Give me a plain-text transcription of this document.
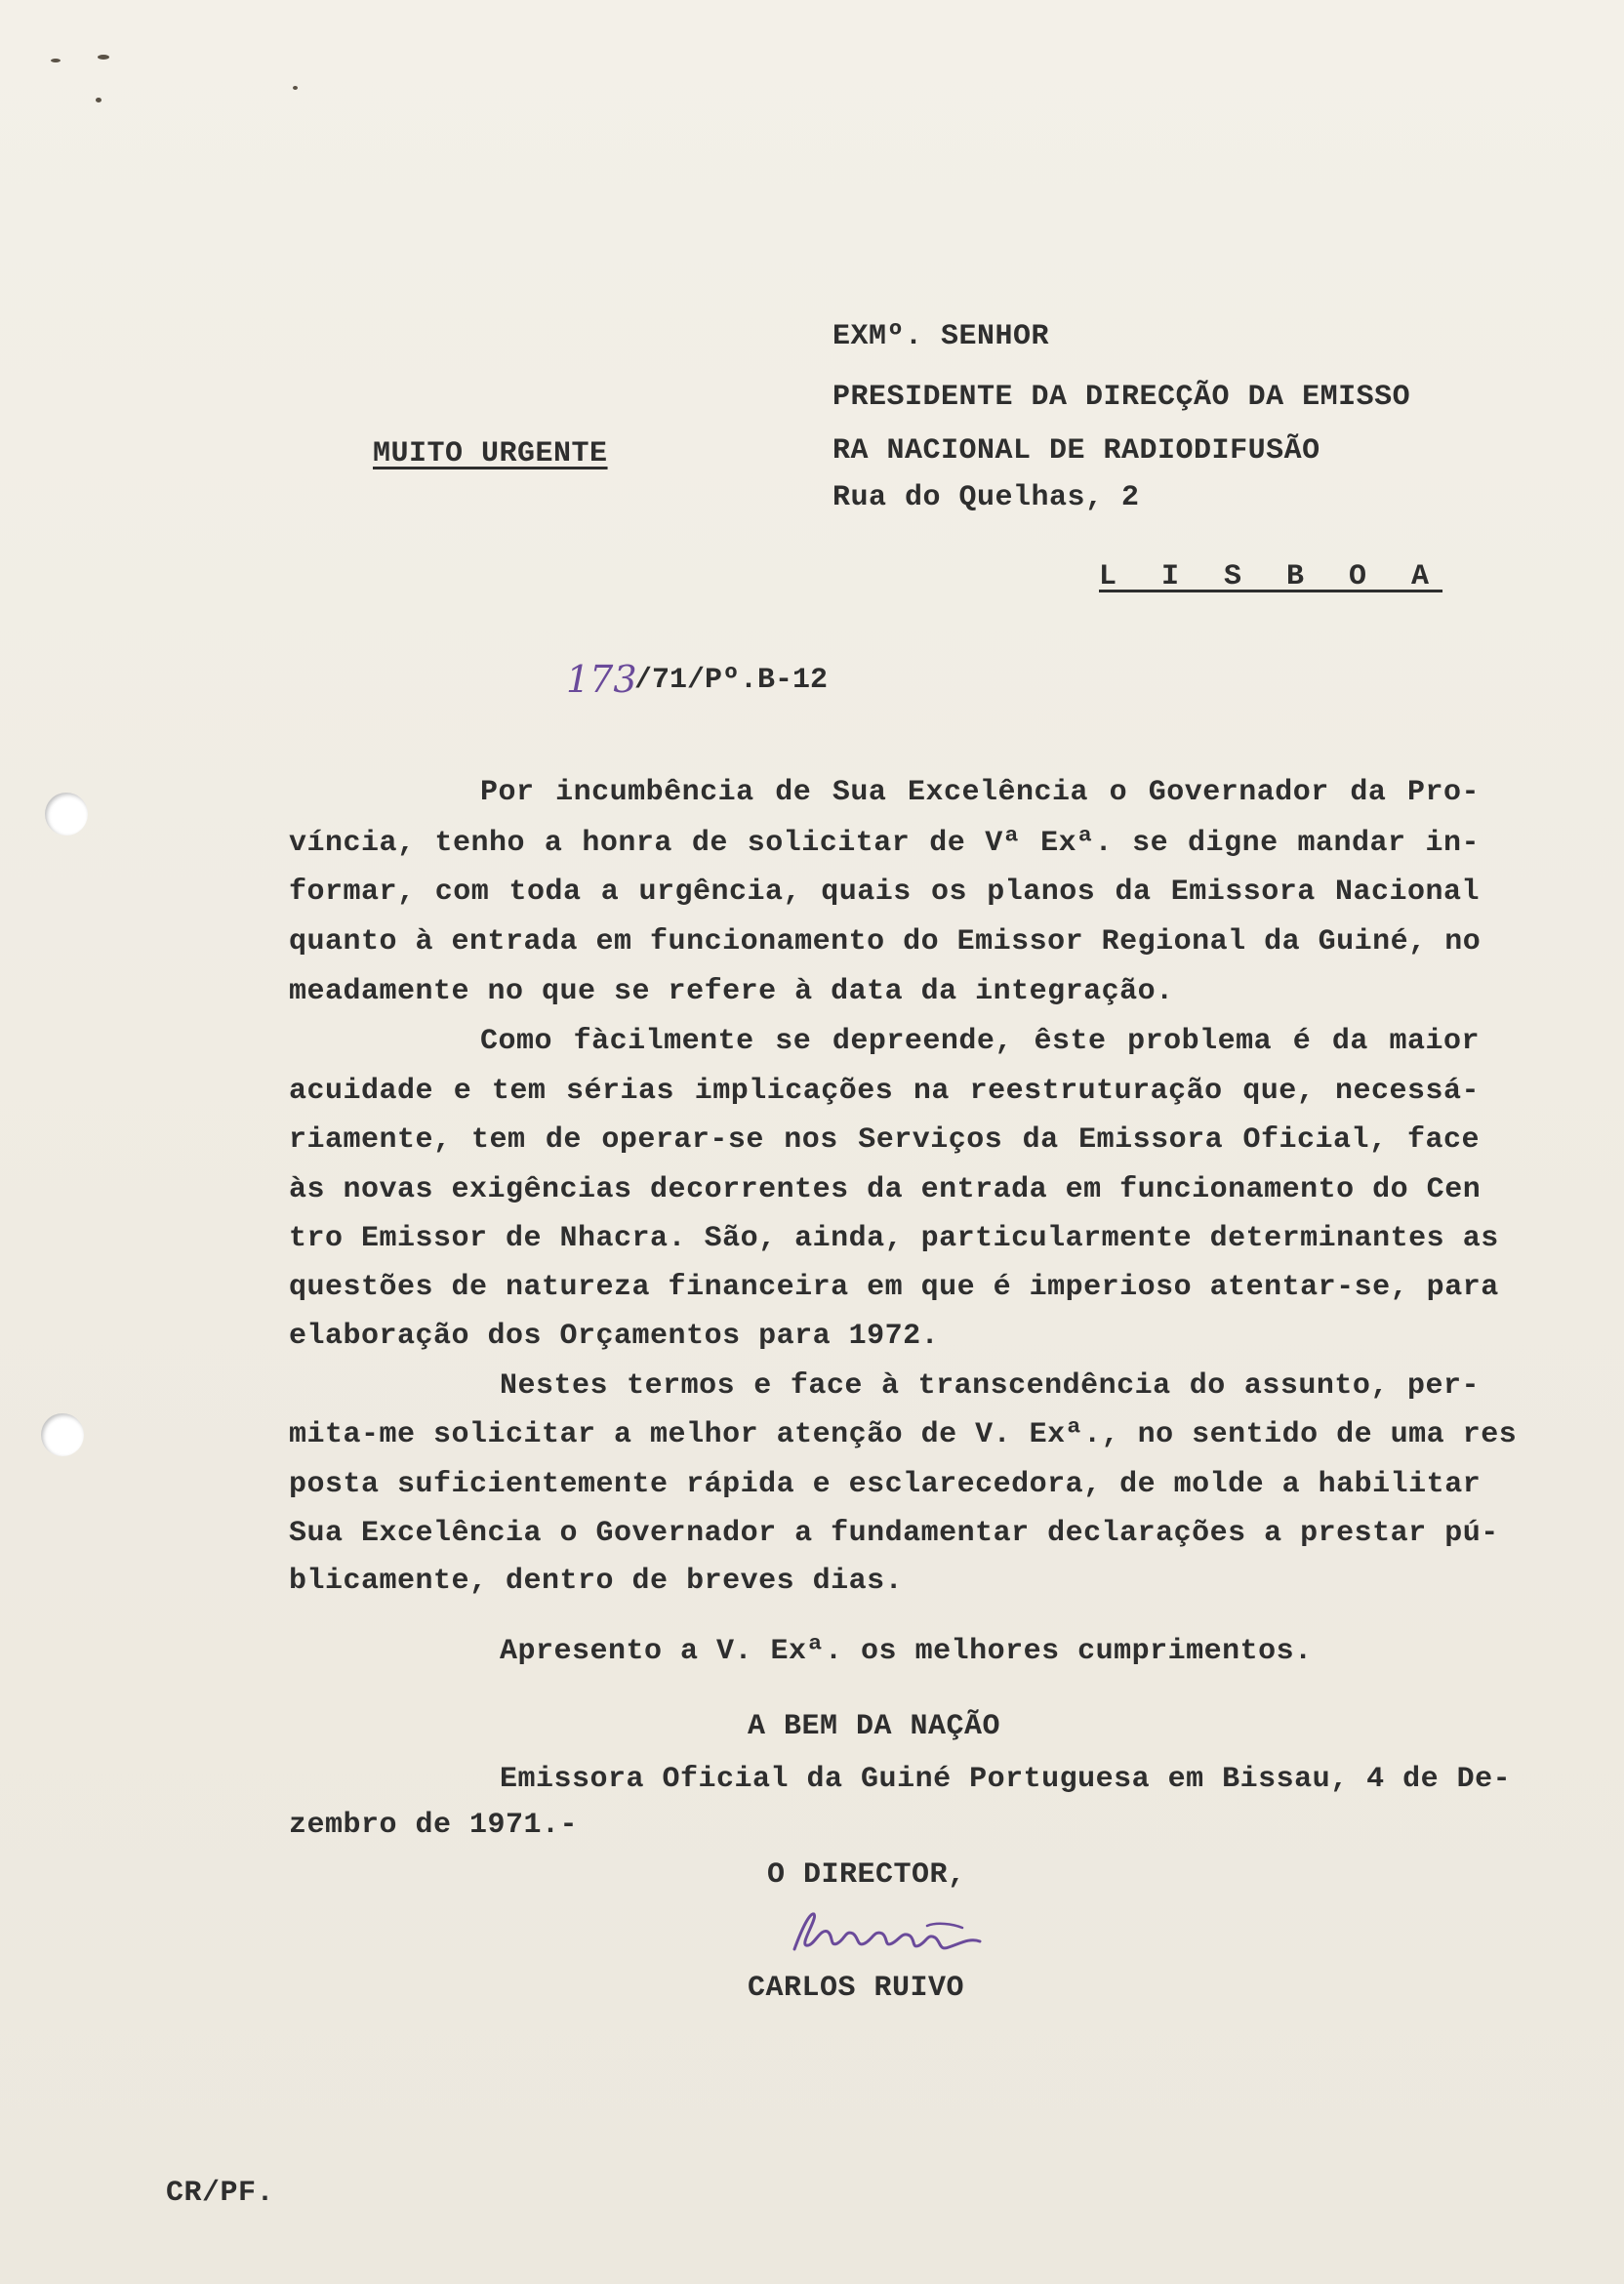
EXMº. SENHOR
PRESIDENTE DA DIRECÇÃO DA EMISSO
MUITO URGENTE	RA NACIONAL DE RADIODIFUSÃO
Rua do Quelhas, 2
L I S B O A
173
/71/Pº.B-12
Por incumbência de Sua Excelência o Governador da Pro-
víncia, tenho a honra de solicitar de Vª Exª. se digne mandar in-
formar, com toda a urgência, quais os planos da Emissora Nacional
quanto à entrada em funcionamento do Emissor Regional da Guiné, no
meadamente no que se refere à data da integração.
Como fàcilmente se depreende, êste problema é da maior
acuidade e tem sérias implicações na reestruturação que, necessá-
riamente, tem de operar-se nos Serviços da Emissora Oficial, face
às novas exigências decorrentes da entrada em funcionamento do Cen
tro Emissor de Nhacra. São, ainda, particularmente determinantes as
questões de natureza financeira em que é imperioso atentar-se, para
elaboração dos Orçamentos para 1972.
Nestes termos e face à transcendência do assunto, per-
mita-me solicitar a melhor atenção de V. Exª., no sentido de uma res
posta suficientemente rápida e esclarecedora, de molde a habilitar
Sua Excelência o Governador a fundamentar declarações a prestar pú-
blicamente, dentro de breves dias.
Apresento a V. Exª. os melhores cumprimentos.
A BEM DA NAÇÃO
Emissora Oficial da Guiné Portuguesa em Bissau, 4 de De-
zembro de 1971.-
O DIRECTOR,
CARLOS RUIVO
CR/PF.
